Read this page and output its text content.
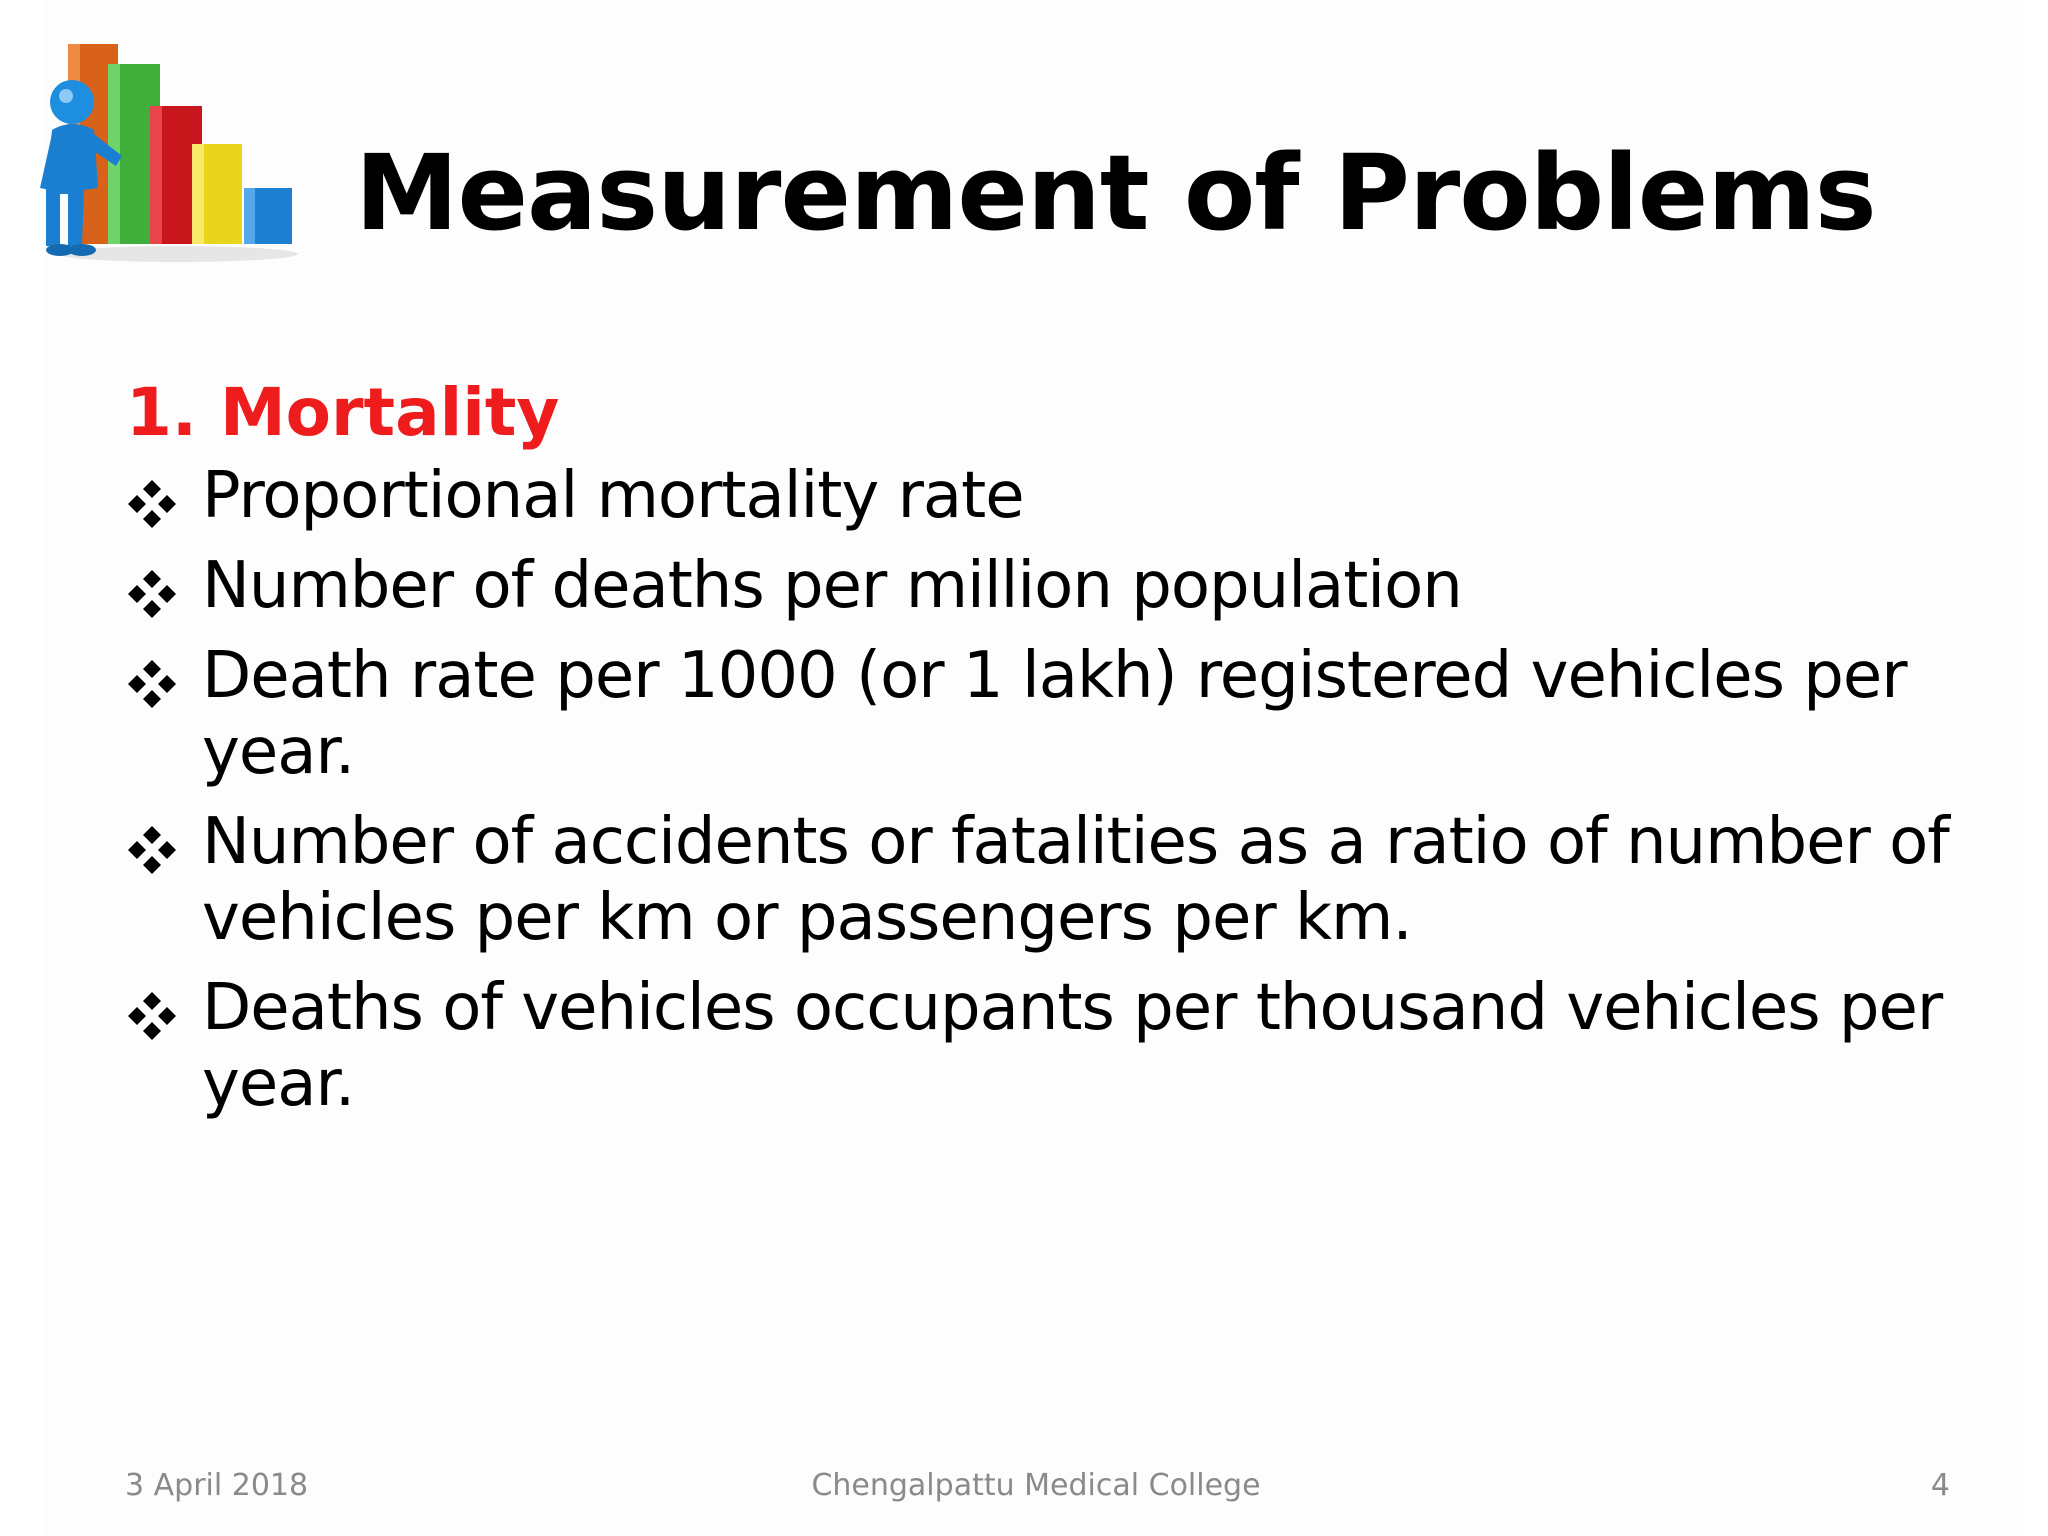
Measurement of Problems
1. Mortality
Proportional mortality rate
Number of deaths per million population
Death rate per 1000 (or 1 lakh) registered vehicles per year.
Number of accidents or fatalities as a ratio of number of vehicles per km or passengers per km.
Deaths of vehicles occupants per thousand vehicles per year.
3 April 2018	Chengalpattu Medical College	4
